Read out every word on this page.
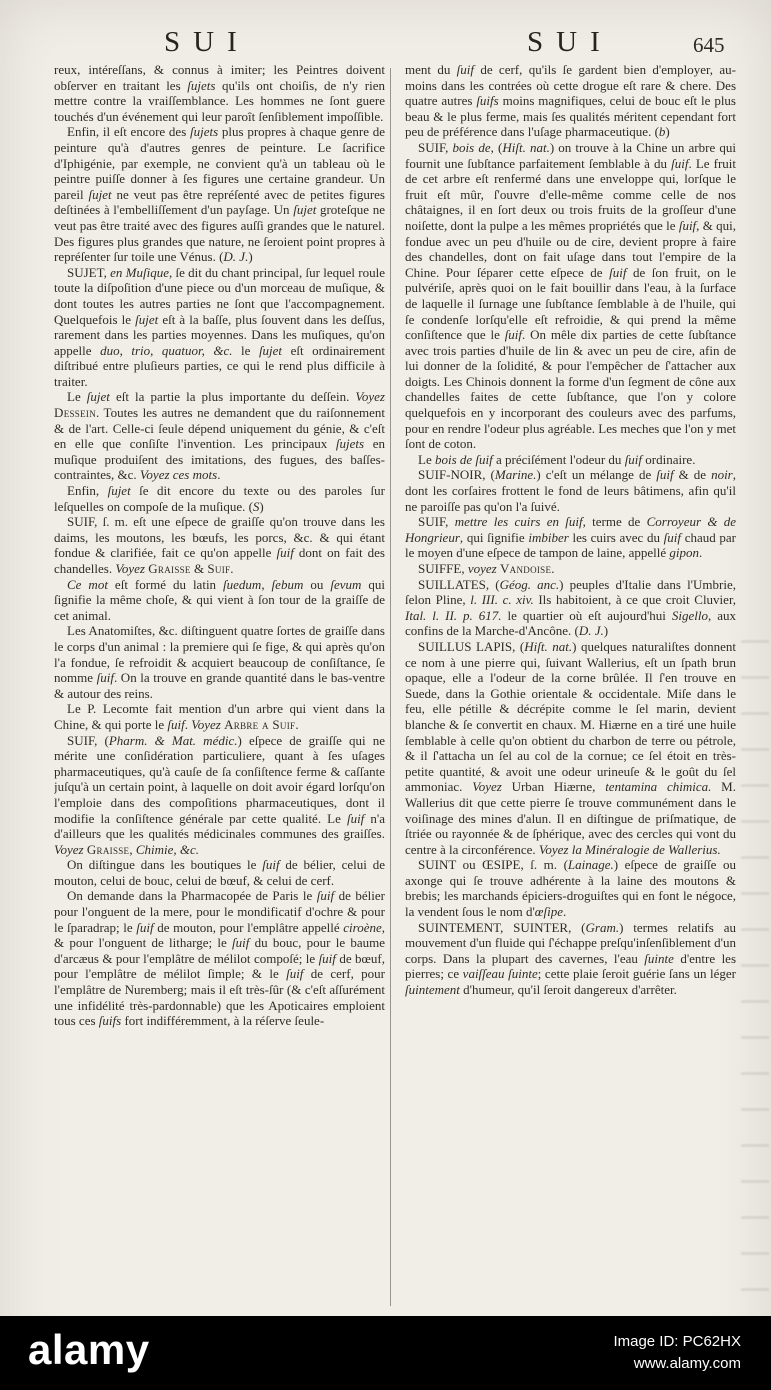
SUI	SUI	645

reux, intéreſſans, & connus à imiter; les Peintres doivent obſerver en traitant les ſujets qu'ils ont choiſis, de n'y rien mettre contre la vraiſſemblance. Les hommes ne ſont guere touchés d'un événement qui leur paroît ſenſiblement impoſſible.

Enfin, il eſt encore des ſujets plus propres à chaque genre de peinture qu'à d'autres genres de peinture. Le ſacrifice d'Iphigénie, par exemple, ne convient qu'à un tableau où le peintre puiſſe donner à ſes figures une certaine grandeur. Un pareil ſujet ne veut pas être repréſenté avec de petites figures deſtinées à l'embelliſſement d'un payſage. Un ſujet groteſque ne veut pas être traité avec des figures auſſi grandes que le naturel. Des figures plus grandes que nature, ne ſeroient point propres à repréſenter ſur toile une Vénus. (D. J.)

SUJET, en Muſique, ſe dit du chant principal, ſur lequel roule toute la diſpoſition d'une piece ou d'un morceau de muſique, & dont toutes les autres parties ne ſont que l'accompagnement. Quelquefois le ſujet eſt à la baſſe, plus ſouvent dans les deſſus, rarement dans les parties moyennes. Dans les muſiques, qu'on appelle duo, trio, quatuor, &c. le ſujet eſt ordinairement diſtribué entre pluſieurs parties, ce qui le rend plus difficile à traiter.

Le ſujet eſt la partie la plus importante du deſſein. Voyez Dessein. Toutes les autres ne demandent que du raiſonnement & de l'art. Celle-ci ſeule dépend uniquement du génie, & c'eſt en elle que conſiſte l'invention. Les principaux ſujets en muſique produiſent des imitations, des fugues, des baſſes-contraintes, &c. Voyez ces mots.

Enfin, ſujet ſe dit encore du texte ou des paroles ſur leſquelles on compoſe de la muſique. (S)

SUIF, ſ. m. eſt une eſpece de graiſſe qu'on trouve dans les daims, les moutons, les bœufs, les porcs, &c. & qui étant fondue & clarifiée, fait ce qu'on appelle ſuif dont on fait des chandelles. Voyez Graisse & Suif.

Ce mot eſt formé du latin ſuedum, ſebum ou ſevum qui ſignifie la même choſe, & qui vient à ſon tour de la graiſſe de cet animal.

Les Anatomiſtes, &c. diſtinguent quatre ſortes de graiſſe dans le corps d'un animal : la premiere qui ſe fige, & qui après qu'on l'a fondue, ſe refroidit & acquiert beaucoup de conſiſtance, ſe nomme ſuif. On la trouve en grande quantité dans le bas-ventre & autour des reins.

Le P. Lecomte fait mention d'un arbre qui vient dans la Chine, & qui porte le ſuif. Voyez Arbre a Suif.

SUIF, (Pharm. & Mat. médic.) eſpece de graiſſe qui ne mérite une conſidération particuliere, quant à ſes uſages pharmaceutiques, qu'à cauſe de ſa conſiſtence ferme & caſſante juſqu'à un certain point, à laquelle on doit avoir égard lorſqu'on l'emploie dans des compoſitions pharmaceutiques, dont il modifie la conſiſtence générale par cette qualité. Le ſuif n'a d'ailleurs que les qualités médicinales communes des graiſſes. Voyez Graisse, Chimie, &c.

On diſtingue dans les boutiques le ſuif de bélier, celui de mouton, celui de bouc, celui de bœuf, & celui de cerf.

On demande dans la Pharmacopée de Paris le ſuif de bélier pour l'onguent de la mere, pour le mondificatif d'ochre & pour le ſparadrap; le ſuif de mouton, pour l'emplâtre appellé ciroène, & pour l'onguent de litharge; le ſuif du bouc, pour le baume d'arcæus & pour l'emplâtre de mélilot compoſé; le ſuif de bœuf, pour l'emplâtre de mélilot ſimple; & le ſuif de cerf, pour l'emplâtre de Nuremberg; mais il eſt très-ſûr (& c'eſt aſſurément une infidélité très-pardonnable) que les Apoticaires emploient tous ces ſuifs fort indifféremment, à la réſerve ſeule-

ment du ſuif de cerf, qu'ils ſe gardent bien d'employer, au-moins dans les contrées où cette drogue eſt rare & chere. Des quatre autres ſuifs moins magnifiques, celui de bouc eſt le plus beau & le plus ferme, mais ſes qualités méritent cependant fort peu de préférence dans l'uſage pharmaceutique. (b)

SUIF, bois de, (Hiſt. nat.) on trouve à la Chine un arbre qui fournit une ſubſtance parfaitement ſemblable à du ſuif. Le fruit de cet arbre eſt renfermé dans une enveloppe qui, lorſque le fruit eſt mûr, ſ'ouvre d'elle-même comme celle de nos châtaignes, il en ſort deux ou trois fruits de la groſſeur d'une noiſette, dont la pulpe a les mêmes propriétés que le ſuif, & qui, fondue avec un peu d'huile ou de cire, devient propre à faire des chandelles, dont on fait uſage dans tout l'empire de la Chine. Pour ſéparer cette eſpece de ſuif de ſon fruit, on le pulvériſe, après quoi on le fait bouillir dans l'eau, à la ſurface de laquelle il ſurnage une ſubſtance ſemblable à de l'huile, qui ſe condenſe lorſqu'elle eſt refroidie, & qui prend la même conſiſtence que le ſuif. On mêle dix parties de cette ſubſtance avec trois parties d'huile de lin & avec un peu de cire, afin de lui donner de la ſolidité, & pour l'empêcher de ſ'attacher aux doigts. Les Chinois donnent la forme d'un ſegment de cône aux chandelles faites de cette ſubſtance, que l'on y colore quelquefois en y incorporant des couleurs avec des parfums, pour en rendre l'odeur plus agréable. Les meches que l'on y met ſont de coton.

Le bois de ſuif a préciſément l'odeur du ſuif ordinaire.

SUIF-NOIR, (Marine.) c'eſt un mélange de ſuif & de noir, dont les corſaires frottent le fond de leurs bâtimens, afin qu'il ne paroiſſe pas qu'on l'a ſuivé.

SUIF, mettre les cuirs en ſuif, terme de Corroyeur & de Hongrieur, qui ſignifie imbiber les cuirs avec du ſuif chaud par le moyen d'une eſpece de tampon de laine, appellé gipon.

SUIFFE, voyez Vandoise.

SUILLATES, (Géog. anc.) peuples d'Italie dans l'Umbrie, ſelon Pline, l. III. c. xiv. Ils habitoient, à ce que croit Cluvier, Ital. l. II. p. 617. le quartier où eſt aujourd'hui Sigello, aux confins de la Marche-d'Ancône. (D. J.)

SUILLUS LAPIS, (Hiſt. nat.) quelques naturaliſtes donnent ce nom à une pierre qui, ſuivant Wallerius, eſt un ſpath brun opaque, elle a l'odeur de la corne brûlée. Il ſ'en trouve en Suede, dans la Gothie orientale & occidentale. Miſe dans le feu, elle pétille & décrépite comme le ſel marin, devient blanche & ſe convertit en chaux. M. Hiærne en a tiré une huile ſemblable à celle qu'on obtient du charbon de terre ou pétrole, & il ſ'attacha un ſel au col de la cornue; ce ſel étoit en très-petite quantité, & avoit une odeur urineuſe & le goût du ſel ammoniac. Voyez Urban Hiærne, tentamina chimica. M. Wallerius dit que cette pierre ſe trouve communément dans le voiſinage des mines d'alun. Il en diſtingue de priſmatique, de ſtriée ou rayonnée & de ſphérique, avec des cercles qui vont du centre à la circonférence. Voyez la Minéralogie de Wallerius.

SUINT ou ŒSIPE, ſ. m. (Lainage.) eſpece de graiſſe ou axonge qui ſe trouve adhérente à la laine des moutons & brebis; les marchands épiciers-droguiſtes qui en font le négoce, la vendent ſous le nom d'œſipe.

SUINTEMENT, SUINTER, (Gram.) termes relatifs au mouvement d'un fluide qui ſ'échappe preſqu'inſenſiblement d'un corps. Dans la plupart des cavernes, l'eau ſuinte d'entre les pierres; ce vaiſſeau ſuinte; cette plaie ſeroit guérie ſans un léger ſuintement d'humeur, qu'il ſeroit dangereux d'arrêter.

alamy	Image ID: PC62HX
www.alamy.com
